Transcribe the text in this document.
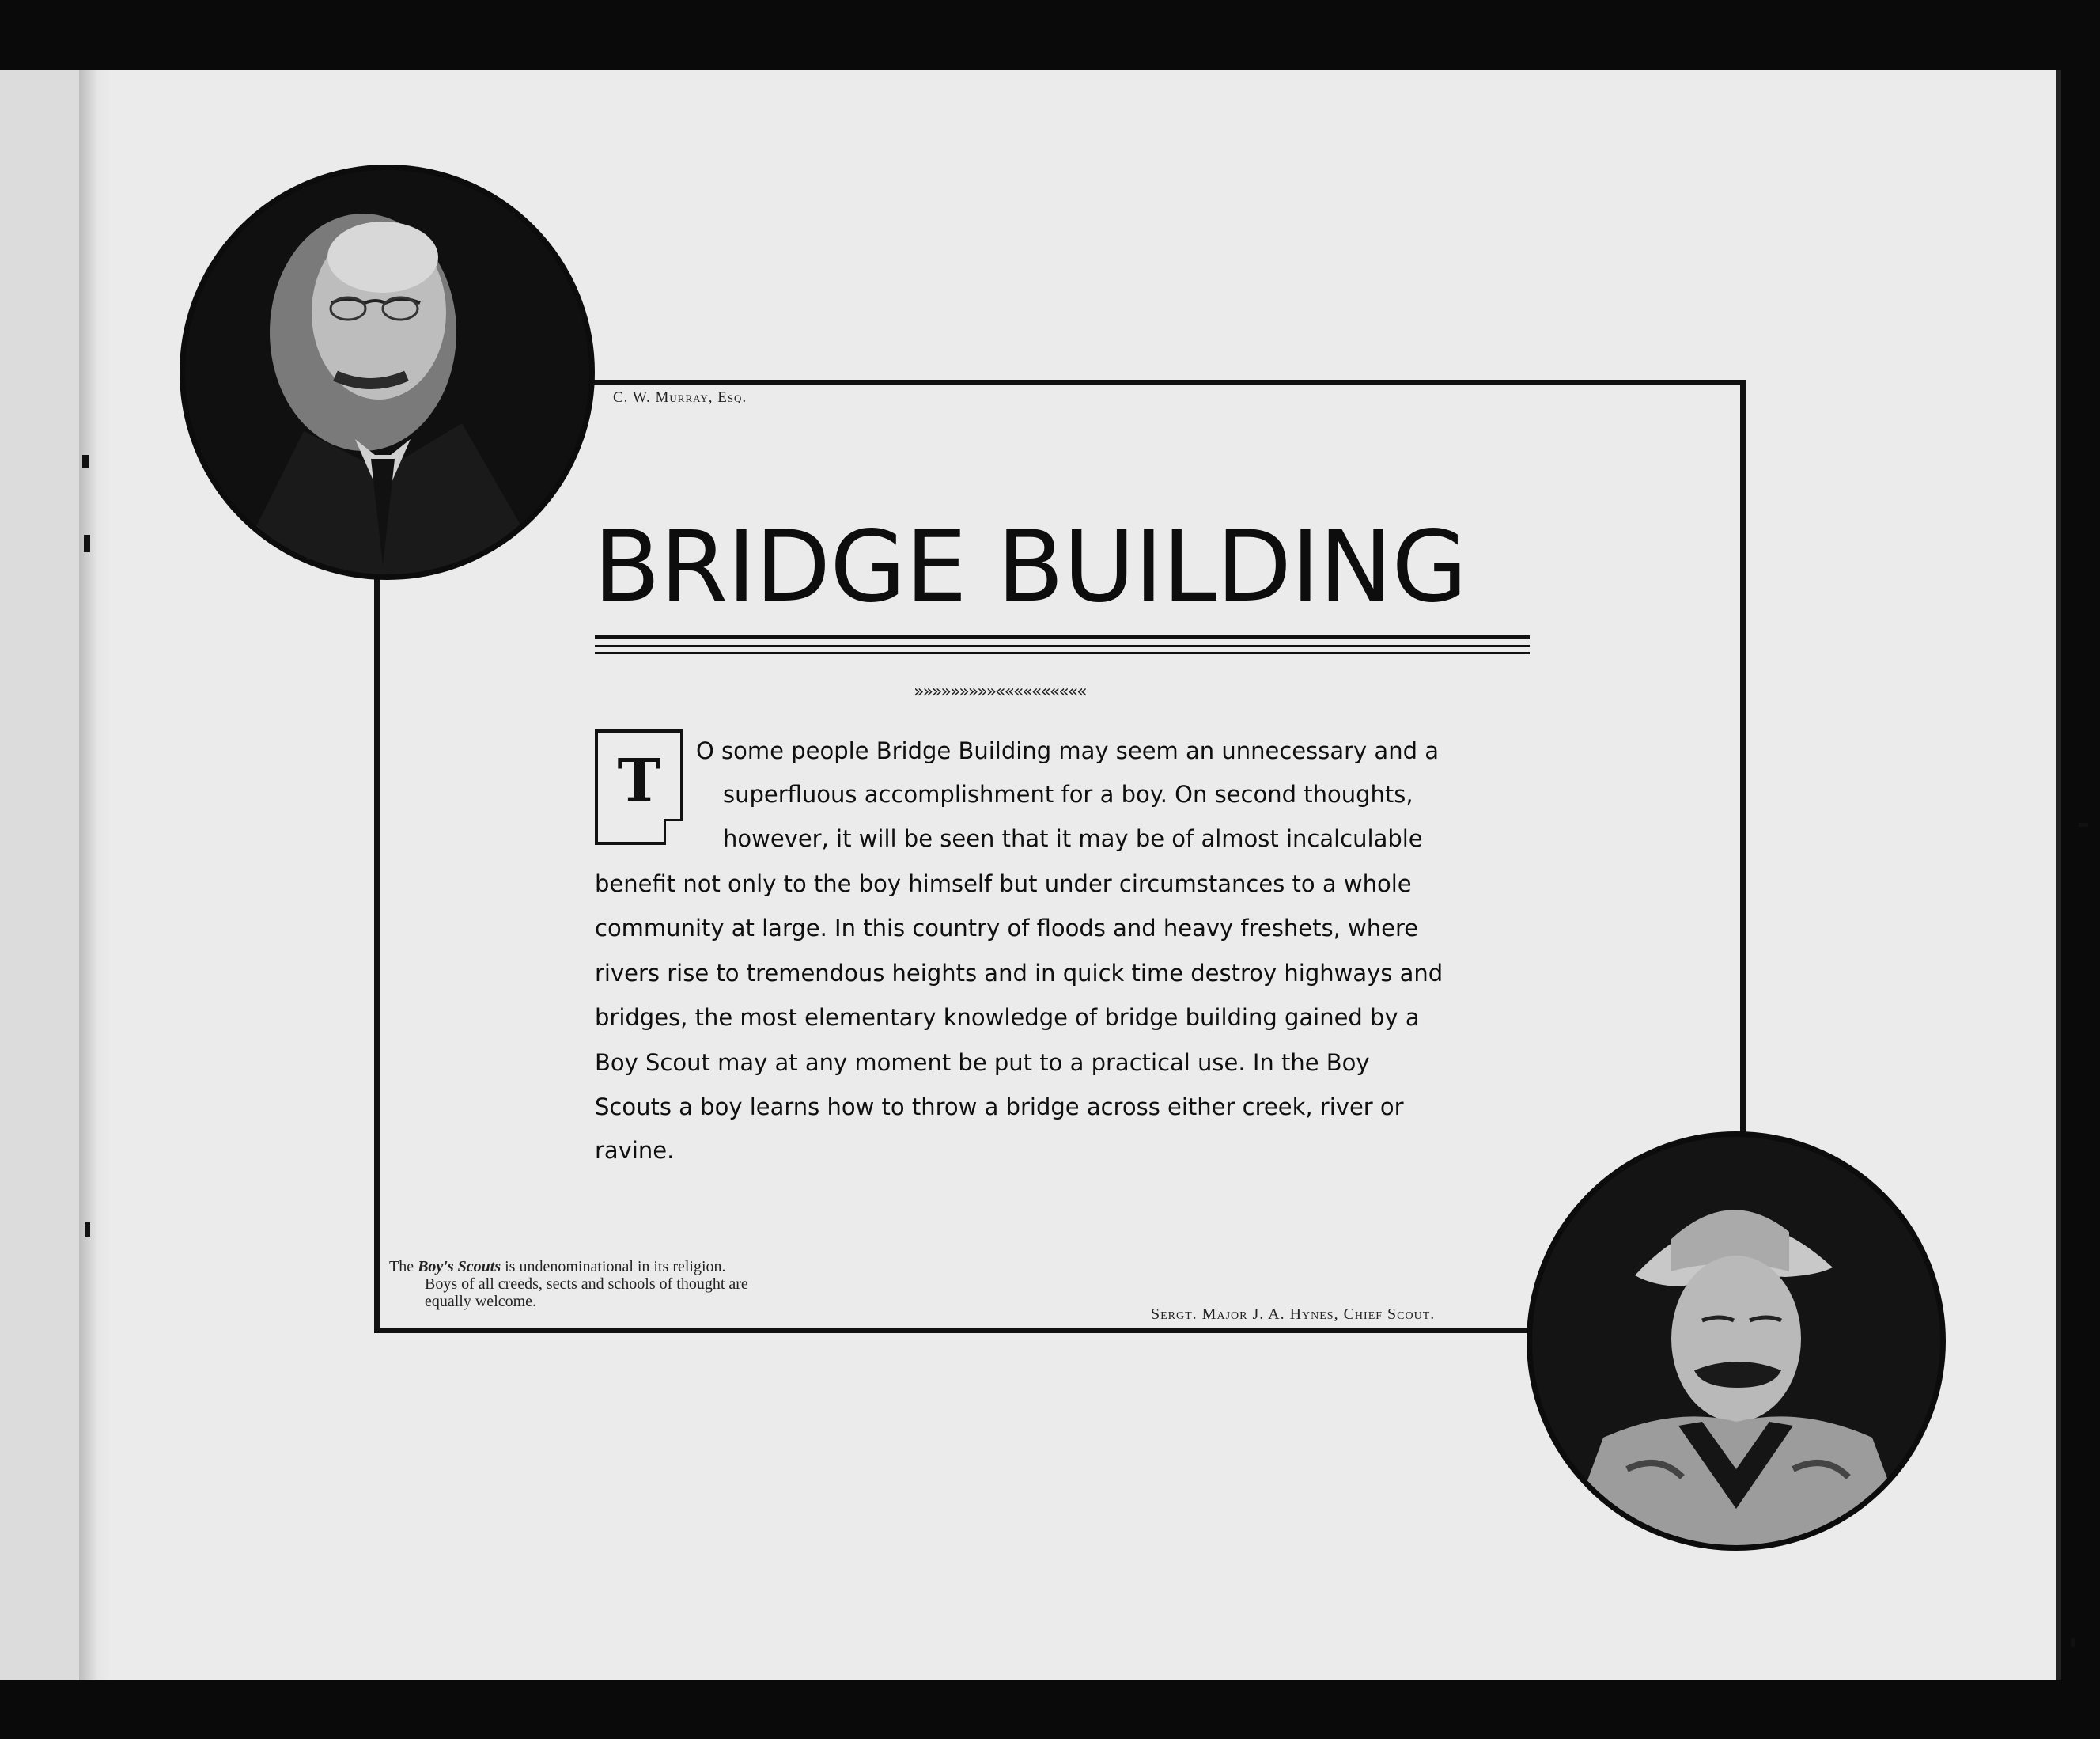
C. W. Murray, Esq.
BRIDGE BUILDING
»»»»»»»»»««««««««««
T	O some people Bridge Building may seem an unnecessary and a
superfluous accomplishment for a boy. On second thoughts,
however, it will be seen that it may be of almost incalculable
benefit not only to the boy himself but under circumstances to a whole
community at large. In this country of floods and heavy freshets, where
rivers rise to tremendous heights and in quick time destroy highways and
bridges, the most elementary knowledge of bridge building gained by a
Boy Scout may at any moment be put to a practical use. In the Boy
Scouts a boy learns how to throw a bridge across either creek, river or
ravine.
The Boy's Scouts is undenominational in its religion.
Boys of all creeds, sects and schools of thought are
equally welcome.
Sergt. Major J. A. Hynes, Chief Scout.
